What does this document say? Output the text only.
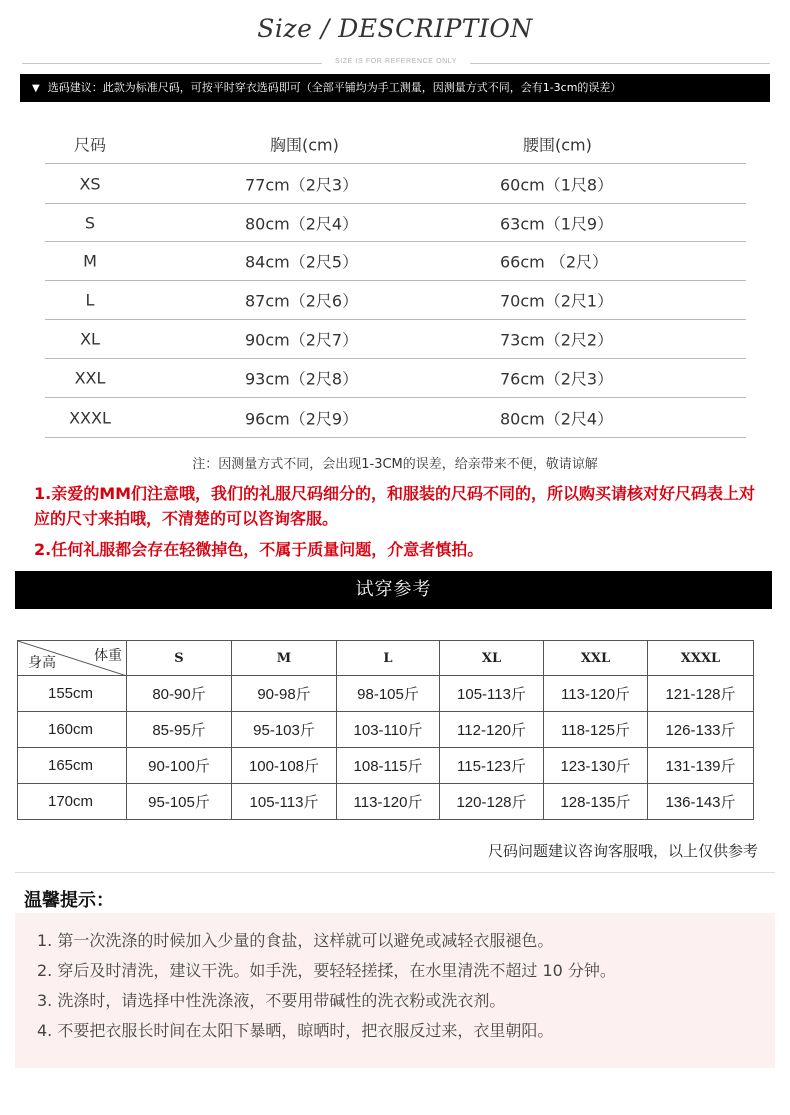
Size / DESCRIPTION
SIZE IS FOR REFERENCE ONLY
▼ 选码建议：此款为标准尺码，可按平时穿衣选码即可（全部平铺均为手工测量，因测量方式不同，会有1-3cm的误差）
尺码	胸围(cm)	腰围(cm)
XS	77cm（2尺3）	60cm（1尺8）
S	80cm（2尺4）	63cm（1尺9）
M	84cm（2尺5）	66cm （2尺）
L	87cm（2尺6）	70cm（2尺1）
XL	90cm（2尺7）	73cm（2尺2）
XXL	93cm（2尺8）	76cm（2尺3）
XXXL	96cm（2尺9）	80cm（2尺4）
注：因测量方式不同，会出现1-3CM的误差，给亲带来不便，敬请谅解
1.亲爱的MM们注意哦，我们的礼服尺码细分的，和服装的尺码不同的，所以购买请核对好尺码表上对应的尺寸来拍哦，不清楚的可以咨询客服。
2.任何礼服都会存在轻微掉色，不属于质量问题，介意者慎拍。
试穿参考
体重
身高	S	M	L	XL	XXL	XXXL
155cm	80-90斤	90-98斤	98-105斤	105-113斤	113-120斤	121-128斤
160cm	85-95斤	95-103斤	103-110斤	112-120斤	118-125斤	126-133斤
165cm	90-100斤	100-108斤	108-115斤	115-123斤	123-130斤	131-139斤
170cm	95-105斤	105-113斤	113-120斤	120-128斤	128-135斤	136-143斤
尺码问题建议咨询客服哦，以上仅供参考
温馨提示：
1. 第一次洗涤的时候加入少量的食盐，这样就可以避免或减轻衣服褪色。
2. 穿后及时清洗，建议干洗。如手洗，要轻轻搓揉，在水里清洗不超过 10 分钟。
3. 洗涤时，请选择中性洗涤液，不要用带碱性的洗衣粉或洗衣剂。
4. 不要把衣服长时间在太阳下暴晒，晾晒时，把衣服反过来，衣里朝阳。
